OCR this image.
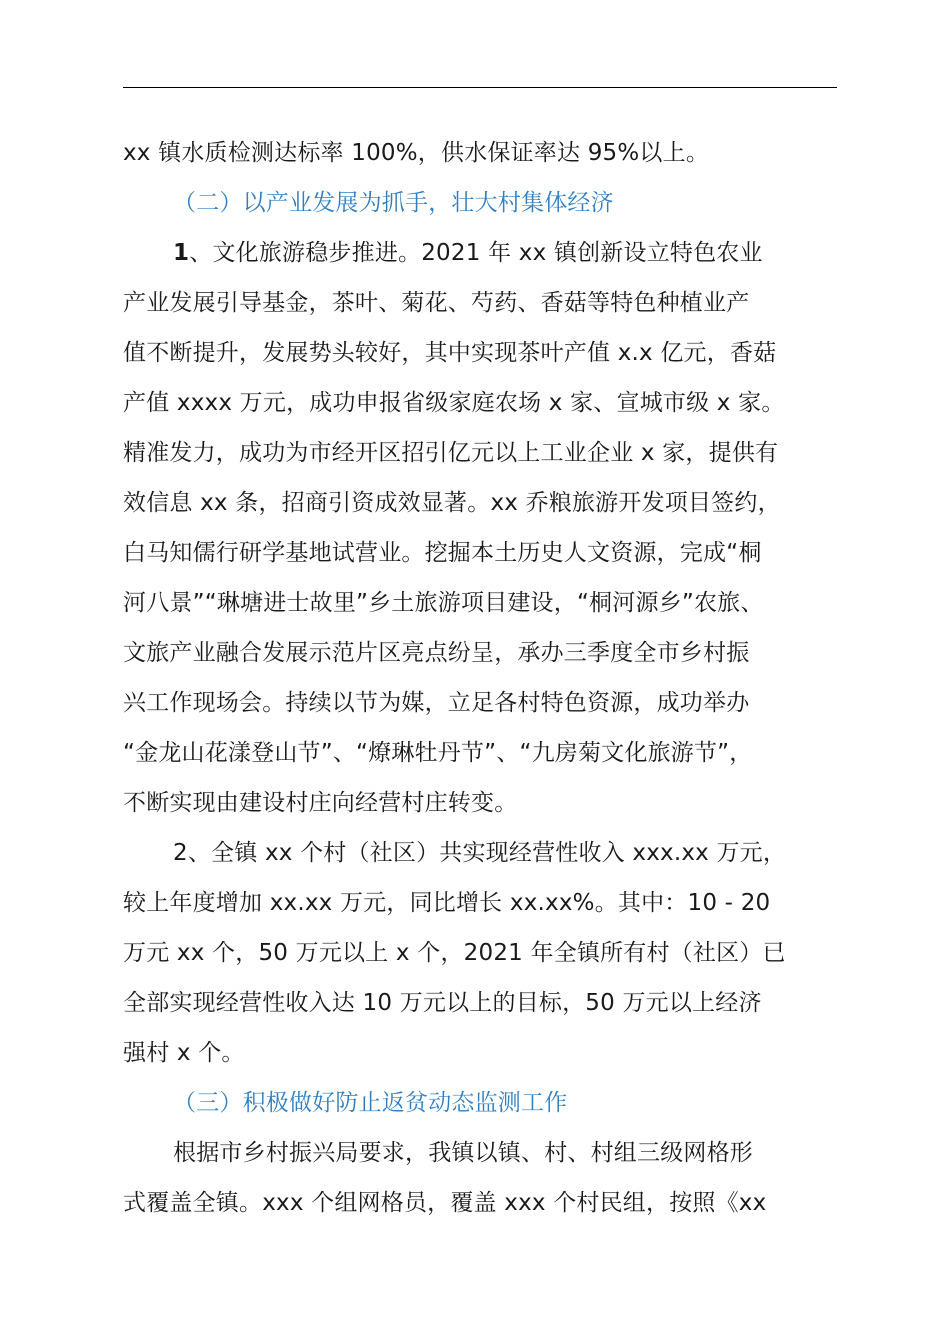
xx 镇水质检测达标率 100%，供水保证率达 95%以上。
（二）以产业发展为抓手，壮大村集体经济
1、文化旅游稳步推进。2021 年 xx 镇创新设立特色农业
产业发展引导基金，茶叶、菊花、芍药、香菇等特色种植业产
值不断提升，发展势头较好，其中实现茶叶产值 x.x 亿元，香菇
产值 xxxx 万元，成功申报省级家庭农场 x 家、宣城市级 x 家。
精准发力，成功为市经开区招引亿元以上工业企业 x 家，提供有
效信息 xx 条，招商引资成效显著。xx 乔粮旅游开发项目签约，
白马知儒行研学基地试营业。挖掘本土历史人文资源，完成“桐
河八景”“琳塘进士故里”乡土旅游项目建设，“桐河源乡”农旅、
文旅产业融合发展示范片区亮点纷呈，承办三季度全市乡村振
兴工作现场会。持续以节为媒，立足各村特色资源，成功举办
“金龙山花漾登山节”、“燎琳牡丹节”、“九房菊文化旅游节”，
不断实现由建设村庄向经营村庄转变。
2、全镇 xx 个村（社区）共实现经营性收入 xxx.xx 万元，
较上年度增加 xx.xx 万元，同比增长 xx.xx%。其中：10 - 20
万元 xx 个，50 万元以上 x 个，2021 年全镇所有村（社区）已
全部实现经营性收入达 10 万元以上的目标，50 万元以上经济
强村 x 个。
（三）积极做好防止返贫动态监测工作
根据市乡村振兴局要求，我镇以镇、村、村组三级网格形
式覆盖全镇。xxx 个组网格员，覆盖 xxx 个村民组，按照《xx
